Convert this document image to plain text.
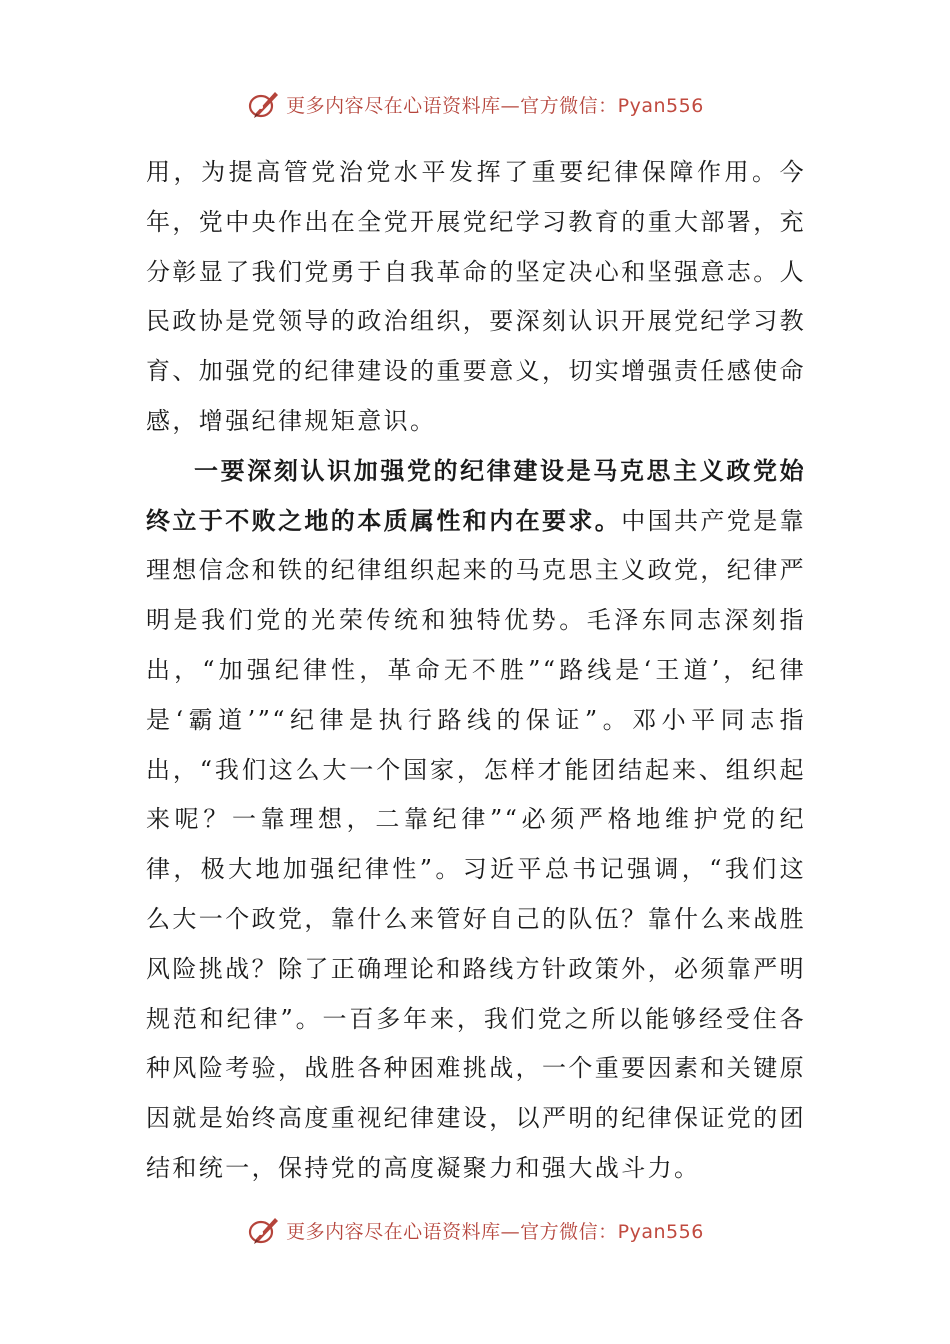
更多内容尽在心语资料库—官方微信：Pyan556

用，为提高管党治党水平发挥了重要纪律保障作用。今年，党中央作出在全党开展党纪学习教育的重大部署，充分彰显了我们党勇于自我革命的坚定决心和坚强意志。人民政协是党领导的政治组织，要深刻认识开展党纪学习教育、加强党的纪律建设的重要意义，切实增强责任感使命感，增强纪律规矩意识。

一要深刻认识加强党的纪律建设是马克思主义政党始终立于不败之地的本质属性和内在要求。中国共产党是靠理想信念和铁的纪律组织起来的马克思主义政党，纪律严明是我们党的光荣传统和独特优势。毛泽东同志深刻指出，“加强纪律性，革命无不胜”“路线是‘王道’，纪律是‘霸道’”“纪律是执行路线的保证”。邓小平同志指出，“我们这么大一个国家，怎样才能团结起来、组织起来呢？一靠理想，二靠纪律”“必须严格地维护党的纪律，极大地加强纪律性”。习近平总书记强调，“我们这么大一个政党，靠什么来管好自己的队伍？靠什么来战胜风险挑战？除了正确理论和路线方针政策外，必须靠严明规范和纪律”。一百多年来，我们党之所以能够经受住各种风险考验，战胜各种困难挑战，一个重要因素和关键原因就是始终高度重视纪律建设，以严明的纪律保证党的团结和统一，保持党的高度凝聚力和强大战斗力。

更多内容尽在心语资料库—官方微信：Pyan556
